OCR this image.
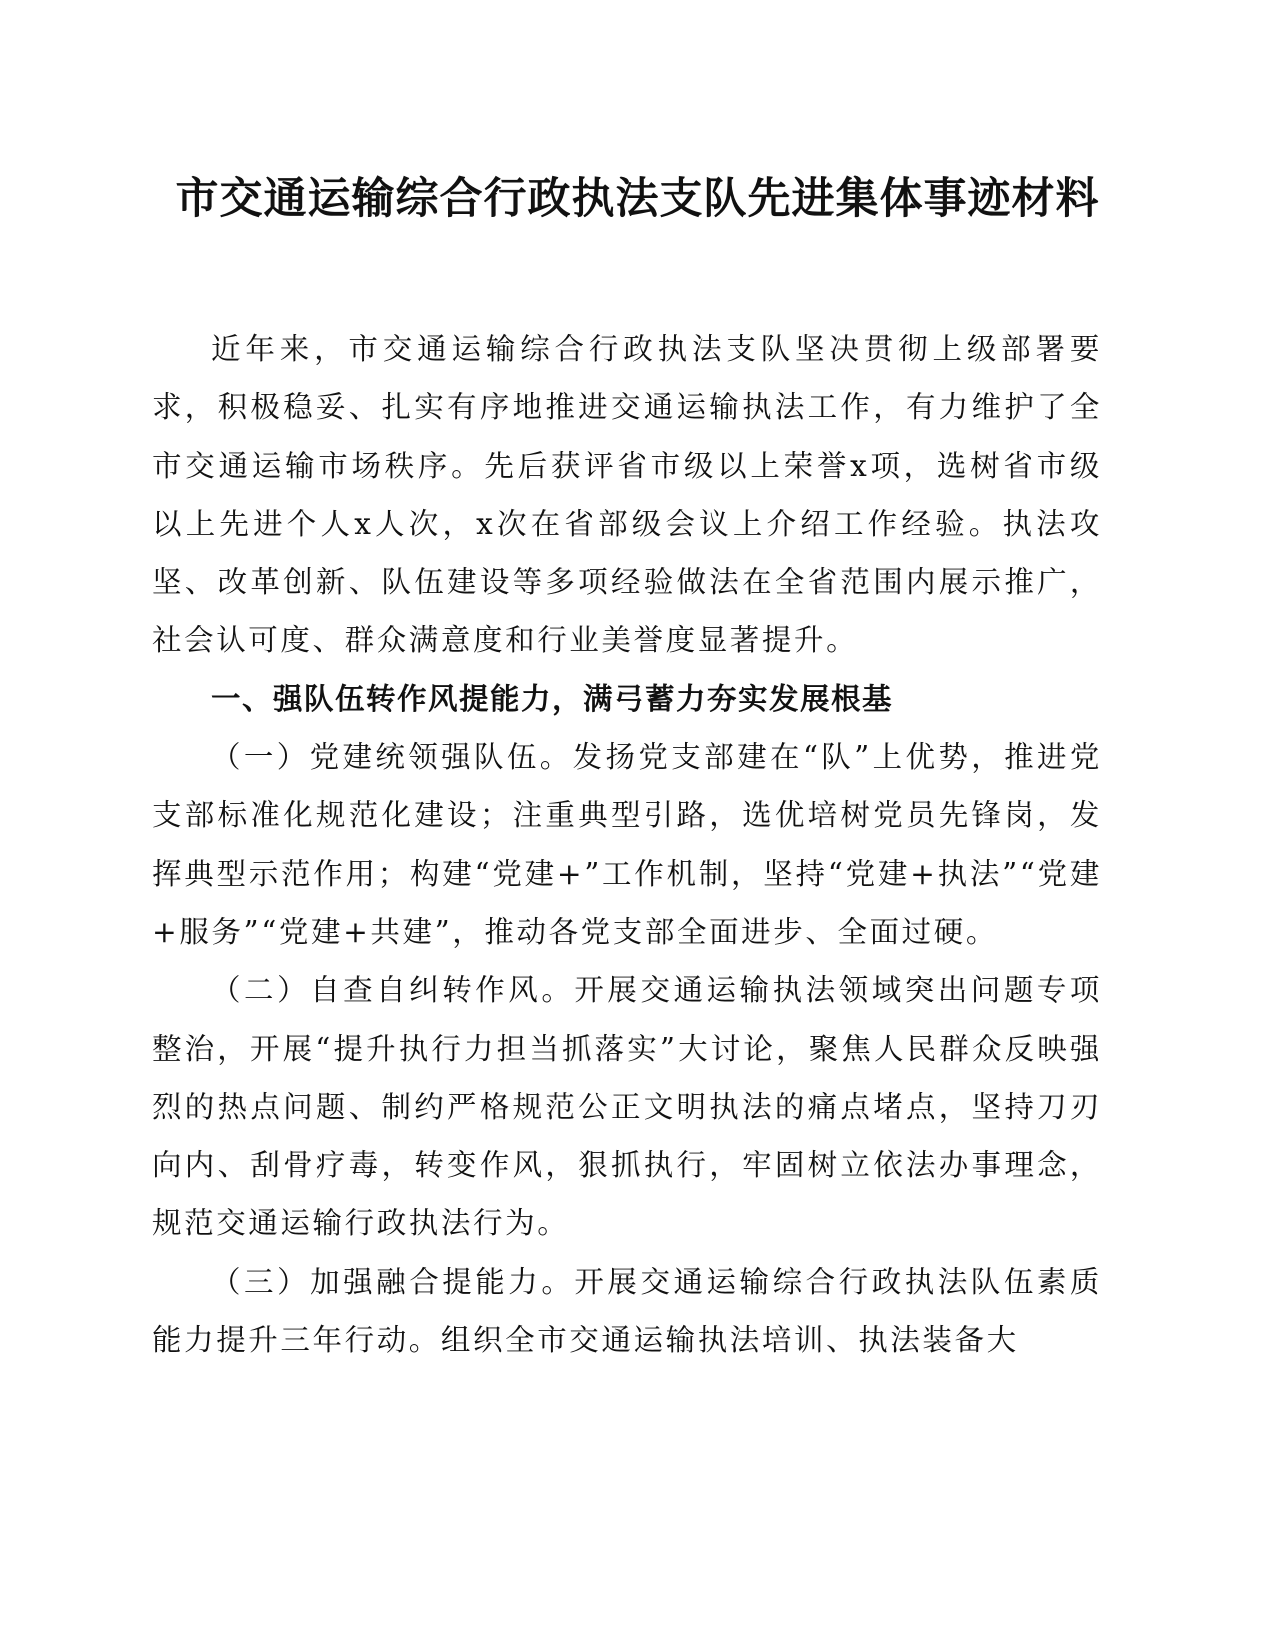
市交通运输综合行政执法支队先进集体事迹材料

近年来，市交通运输综合行政执法支队坚决贯彻上级部署要求，积极稳妥、扎实有序地推进交通运输执法工作，有力维护了全市交通运输市场秩序。先后获评省市级以上荣誉x项，选树省市级以上先进个人x人次，x次在省部级会议上介绍工作经验。执法攻坚、改革创新、队伍建设等多项经验做法在全省范围内展示推广，社会认可度、群众满意度和行业美誉度显著提升。

一、强队伍转作风提能力，满弓蓄力夯实发展根基

（一）党建统领强队伍。发扬党支部建在“队”上优势，推进党支部标准化规范化建设；注重典型引路，选优培树党员先锋岗，发挥典型示范作用；构建“党建+”工作机制，坚持“党建+执法”“党建+服务”“党建+共建”，推动各党支部全面进步、全面过硬。

（二）自查自纠转作风。开展交通运输执法领域突出问题专项整治，开展“提升执行力担当抓落实”大讨论，聚焦人民群众反映强烈的热点问题、制约严格规范公正文明执法的痛点堵点，坚持刀刃向内、刮骨疗毒，转变作风，狠抓执行，牢固树立依法办事理念，规范交通运输行政执法行为。

（三）加强融合提能力。开展交通运输综合行政执法队伍素质能力提升三年行动。组织全市交通运输执法培训、执法装备大
